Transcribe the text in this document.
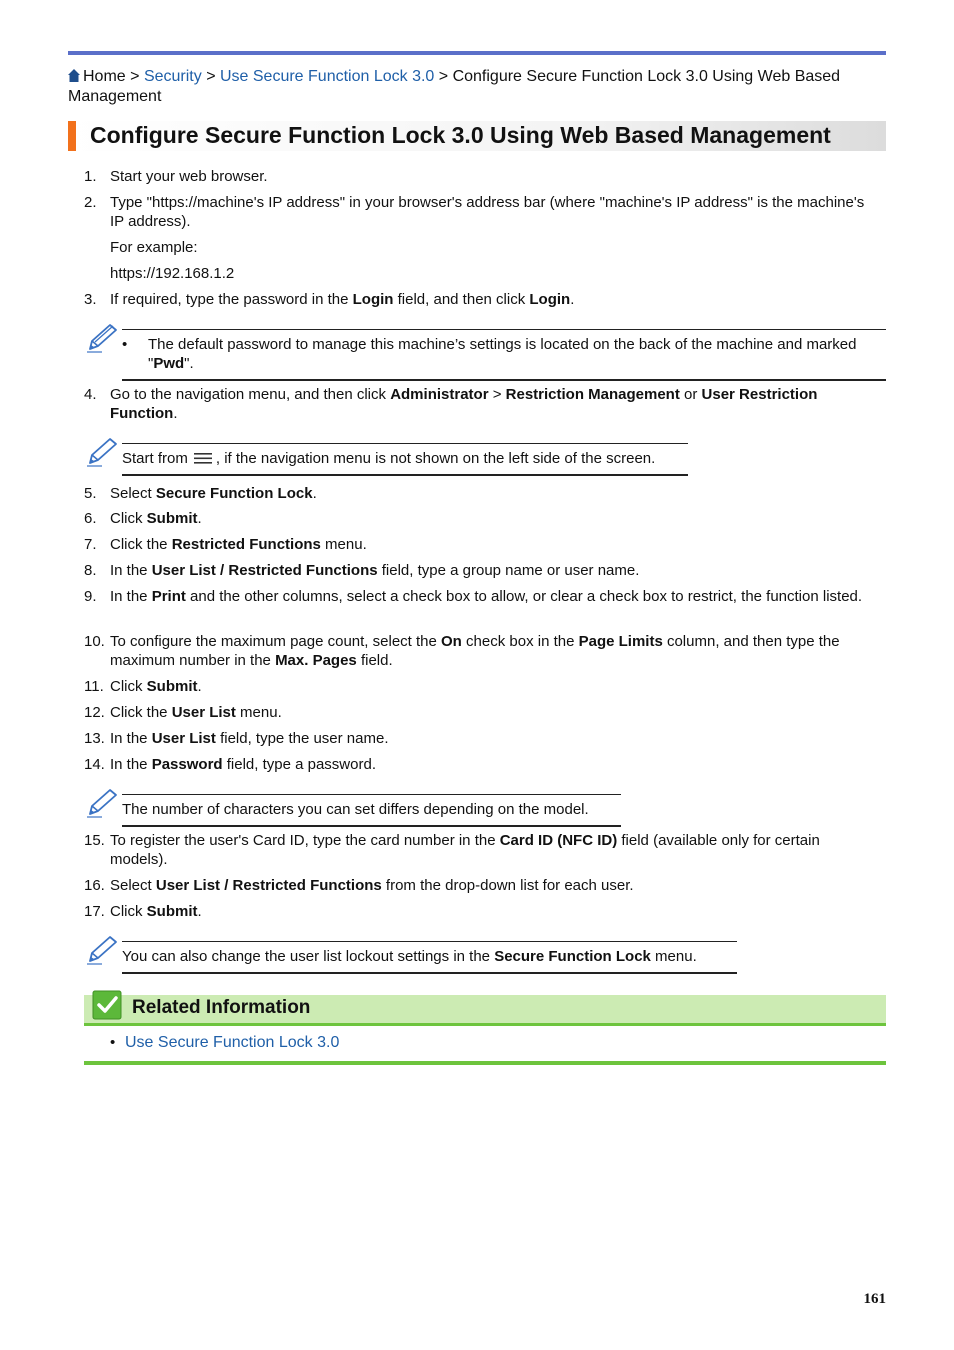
Home > Security > Use Secure Function Lock 3.0 > Configure Secure Function Lock 3.0 Using Web Based Management
Configure Secure Function Lock 3.0 Using Web Based Management
1. Start your web browser.
2. Type "https://machine's IP address" in your browser's address bar (where "machine's IP address" is the machine's IP address).
For example:
https://192.168.1.2
3. If required, type the password in the Login field, and then click Login.
• The default password to manage this machine’s settings is located on the back of the machine and marked "Pwd".
4. Go to the navigation menu, and then click Administrator > Restriction Management or User Restriction Function.
Start from , if the navigation menu is not shown on the left side of the screen.
5. Select Secure Function Lock.
6. Click Submit.
7. Click the Restricted Functions menu.
8. In the User List / Restricted Functions field, type a group name or user name.
9. In the Print and the other columns, select a check box to allow, or clear a check box to restrict, the function listed.
10. To configure the maximum page count, select the On check box in the Page Limits column, and then type the maximum number in the Max. Pages field.
11. Click Submit.
12. Click the User List menu.
13. In the User List field, type the user name.
14. In the Password field, type a password.
The number of characters you can set differs depending on the model.
15. To register the user's Card ID, type the card number in the Card ID (NFC ID) field (available only for certain models).
16. Select User List / Restricted Functions from the drop-down list for each user.
17. Click Submit.
You can also change the user list lockout settings in the Secure Function Lock menu.
Related Information
• Use Secure Function Lock 3.0
161
